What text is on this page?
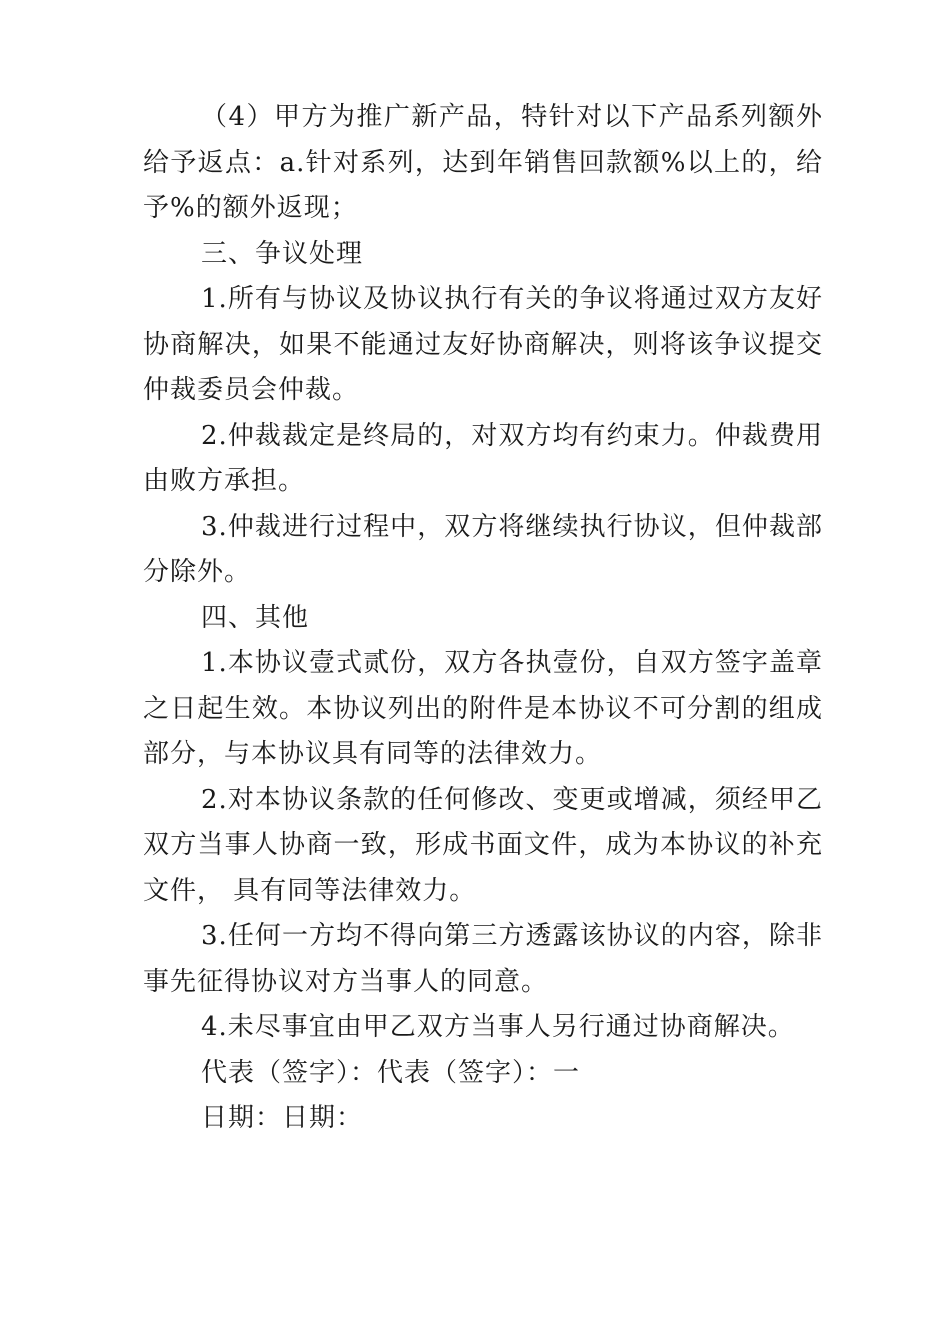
（4）甲方为推广新产品，特针对以下产品系列额外给予返点：a.针对系列，达到年销售回款额%以上的，给予%的额外返现；

三、争议处理

1.所有与协议及协议执行有关的争议将通过双方友好协商解决，如果不能通过友好协商解决，则将该争议提交仲裁委员会仲裁。

2.仲裁裁定是终局的，对双方均有约束力。仲裁费用由败方承担。

3.仲裁进行过程中，双方将继续执行协议，但仲裁部分除外。

四、其他

1.本协议壹式贰份，双方各执壹份，自双方签字盖章之日起生效。本协议列出的附件是本协议不可分割的组成部分，与本协议具有同等的法律效力。

2.对本协议条款的任何修改、变更或增减，须经甲乙双方当事人协商一致，形成书面文件，成为本协议的补充文件， 具有同等法律效力。

3.任何一方均不得向第三方透露该协议的内容，除非事先征得协议对方当事人的同意。

4.未尽事宜由甲乙双方当事人另行通过协商解决。

代表（签字）：代表（签字）：一

日期：日期：
